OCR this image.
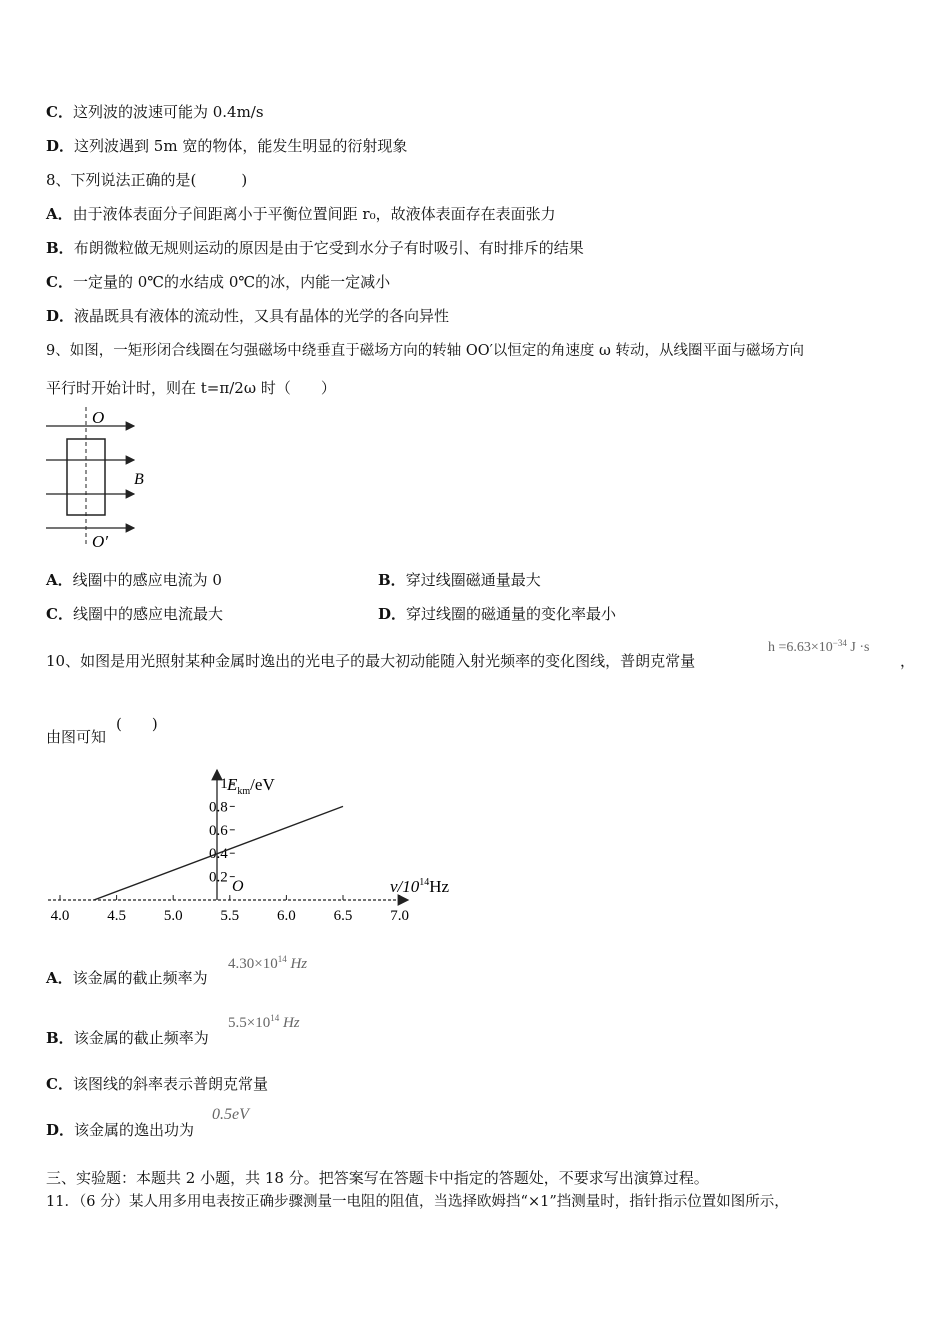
C．这列波的波速可能为 0.4m/s
D．这列波遇到 5m 宽的物体，能发生明显的衍射现象
8、下列说法正确的是(　　　)
A．由于液体表面分子间距离小于平衡位置间距 r₀，故液体表面存在表面张力
B．布朗微粒做无规则运动的原因是由于它受到水分子有时吸引、有时排斥的结果
C．一定量的 0℃的水结成 0℃的冰，内能一定减小
D．液晶既具有液体的流动性，又具有晶体的光学的各向异性
9、如图，一矩形闭合线圈在匀强磁场中绕垂直于磁场方向的转轴 OO′以恒定的角速度 ω 转动，从线圈平面与磁场方向
平行时开始计时，则在 t=π/2ω 时（　　）
O
O′
B
A．线圈中的感应电流为 0	B．穿过线圈磁通量最大
C．线圈中的感应电流最大	D．穿过线圈的磁通量的变化率最小
10、如图是用光照射某种金属时逸出的光电子的最大初动能随入射光频率的变化图线，普朗克常量
$h =6.63\times 10^{-34}$ J ·s
，
由图可知
(　　)
$E_{km}/eV$
$\nu/10^{14}Hz$
O
4.0	4.5	5.0	5.5	6.0	6.5	7.0
0.2
0.4
0.6
0.8
1
A．该金属的截止频率为
$4.30\times 10^{14}$ Hz
B．该金属的截止频率为
$5.5\times 10^{14}$ Hz
C．该图线的斜率表示普朗克常量
D．该金属的逸出功为
0.5eV
三、实验题：本题共 2 小题，共 18 分。把答案写在答题卡中指定的答题处，不要求写出演算过程。
11．（6 分）某人用多用电表按正确步骤测量一电阻的阻值，当选择欧姆挡“×1”挡测量时，指针指示位置如图所示，
